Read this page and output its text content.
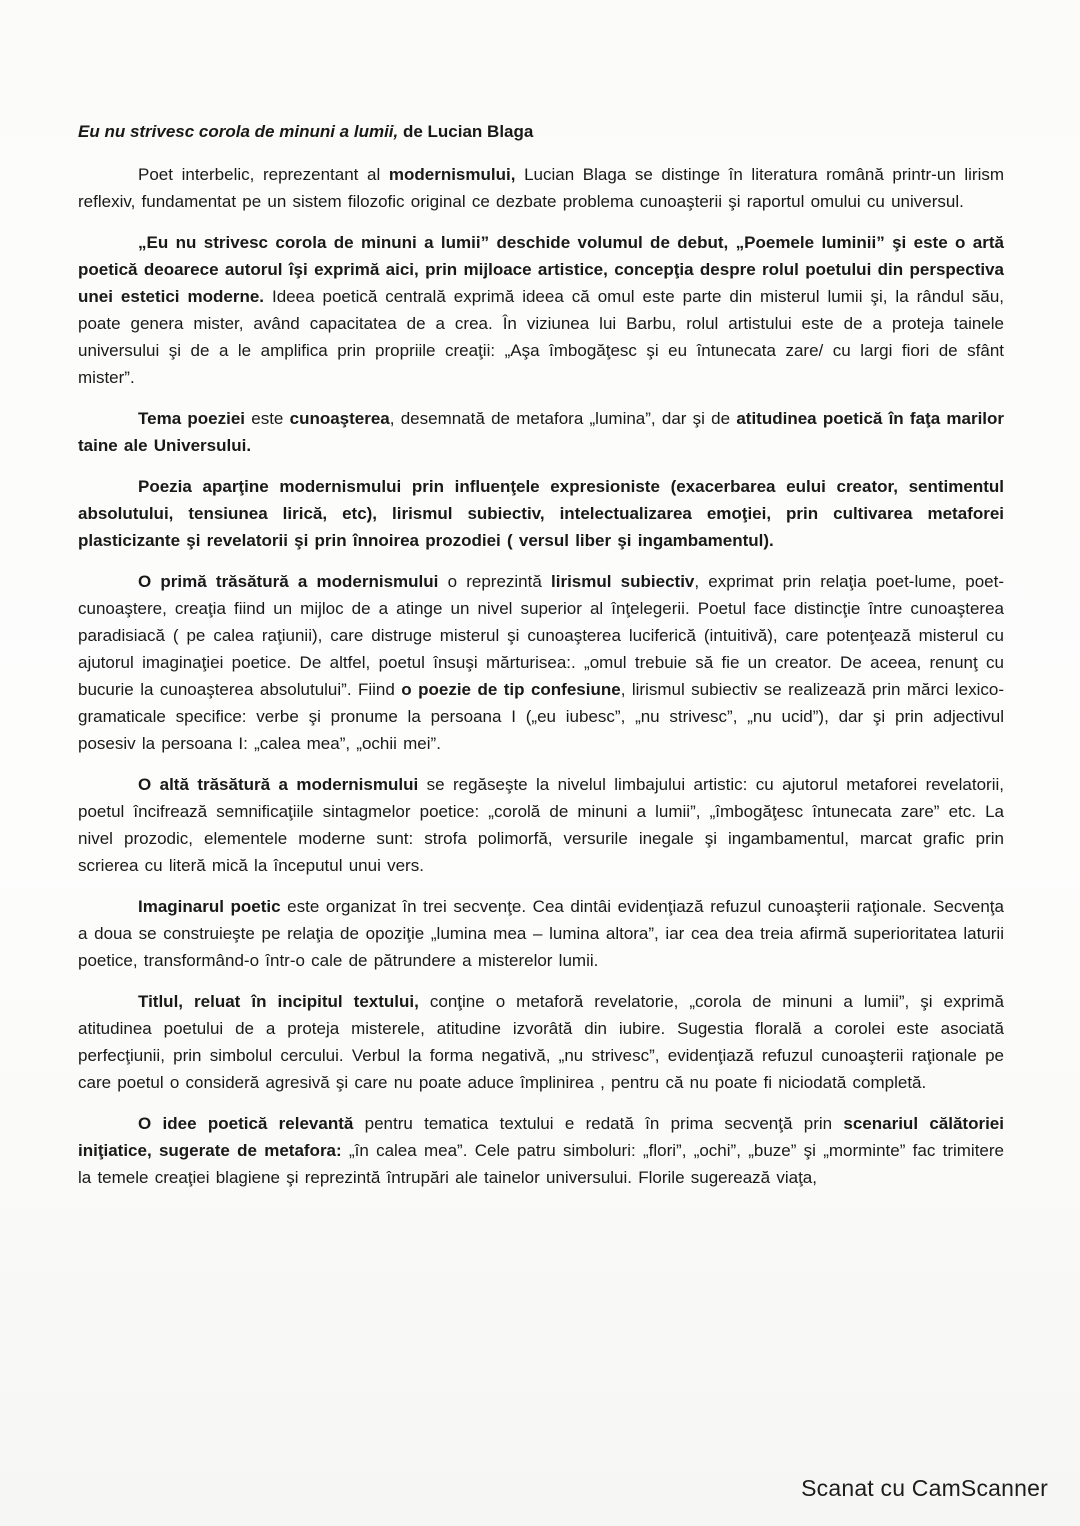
Eu nu strivesc corola de minuni a lumii, de Lucian Blaga

Poet interbelic, reprezentant al modernismului, Lucian Blaga se distinge în literatura română printr-un lirism reflexiv, fundamentat pe un sistem filozofic original ce dezbate problema cunoaşterii şi raportul omului cu universul.

„Eu nu strivesc corola de minuni a lumii” deschide volumul de debut, „Poemele luminii” şi este o artă poetică deoarece autorul îşi exprimă aici, prin mijloace artistice, concepţia despre rolul poetului din perspectiva unei estetici moderne. Ideea poetică centrală exprimă ideea că omul este parte din misterul lumii şi, la rândul său, poate genera mister, având capacitatea de a crea. În viziunea lui Barbu, rolul artistului este de a proteja tainele universului şi de a le amplifica prin propriile creaţii: „Aşa îmbogăţesc şi eu întunecata zare/ cu largi fiori de sfânt mister”.

Tema poeziei este cunoaşterea, desemnată de metafora „lumina”, dar şi de atitudinea poetică în faţa marilor taine ale Universului.

Poezia aparţine modernismului prin influenţele expresioniste (exacerbarea eului creator, sentimentul absolutului, tensiunea lirică, etc), lirismul subiectiv, intelectualizarea emoţiei, prin cultivarea metaforei plasticizante şi revelatorii şi prin înnoirea prozodiei ( versul liber şi ingambamentul).

O primă trăsătură a modernismului o reprezintă lirismul subiectiv, exprimat prin relaţia poet-lume, poet-cunoaştere, creaţia fiind un mijloc de a atinge un nivel superior al înţelegerii. Poetul face distincţie între cunoaşterea paradisiacă ( pe calea raţiunii), care distruge misterul şi cunoaşterea luciferică (intuitivă), care potenţează misterul cu ajutorul imaginaţiei poetice. De altfel, poetul însuşi mărturisea:. „omul trebuie să fie un creator. De aceea, renunţ cu bucurie la cunoaşterea absolutului”. Fiind o poezie de tip confesiune, lirismul subiectiv se realizează prin mărci lexico-gramaticale specifice: verbe şi pronume la persoana I („eu iubesc”, „nu strivesc”, „nu ucid”), dar şi prin adjectivul posesiv la persoana I: „calea mea”, „ochii mei”.

O altă trăsătură a modernismului se regăseşte la nivelul limbajului artistic: cu ajutorul metaforei revelatorii, poetul încifrează semnificaţiile sintagmelor poetice: „corolă de minuni a lumii”, „îmbogăţesc întunecata zare” etc. La nivel prozodic, elementele moderne sunt: strofa polimorfă, versurile inegale şi ingambamentul, marcat grafic prin scrierea cu literă mică la începutul unui vers.

Imaginarul poetic este organizat în trei secvenţe. Cea dintâi evidenţiază refuzul cunoaşterii raţionale. Secvenţa a doua se construieşte pe relaţia de opoziţie „lumina mea – lumina altora”, iar cea dea treia afirmă superioritatea laturii poetice, transformând-o într-o cale de pătrundere a misterelor lumii.

Titlul, reluat în incipitul textului, conţine o metaforă revelatorie, „corola de minuni a lumii”, şi exprimă atitudinea poetului de a proteja misterele, atitudine izvorâtă din iubire. Sugestia florală a corolei este asociată perfecţiunii, prin simbolul cercului. Verbul la forma negativă, „nu strivesc”, evidenţiază refuzul cunoaşterii raţionale pe care poetul o consideră agresivă şi care nu poate aduce împlinirea , pentru că nu poate fi niciodată completă.

O idee poetică relevantă pentru tematica textului e redată în prima secvenţă prin scenariul călătoriei iniţiatice, sugerate de metafora: „în calea mea”. Cele patru simboluri: „flori”, „ochi”, „buze” şi „morminte” fac trimitere la temele creaţiei blagiene şi reprezintă întrupări ale tainelor universului. Florile sugerează viaţa,

Scanat cu CamScanner
